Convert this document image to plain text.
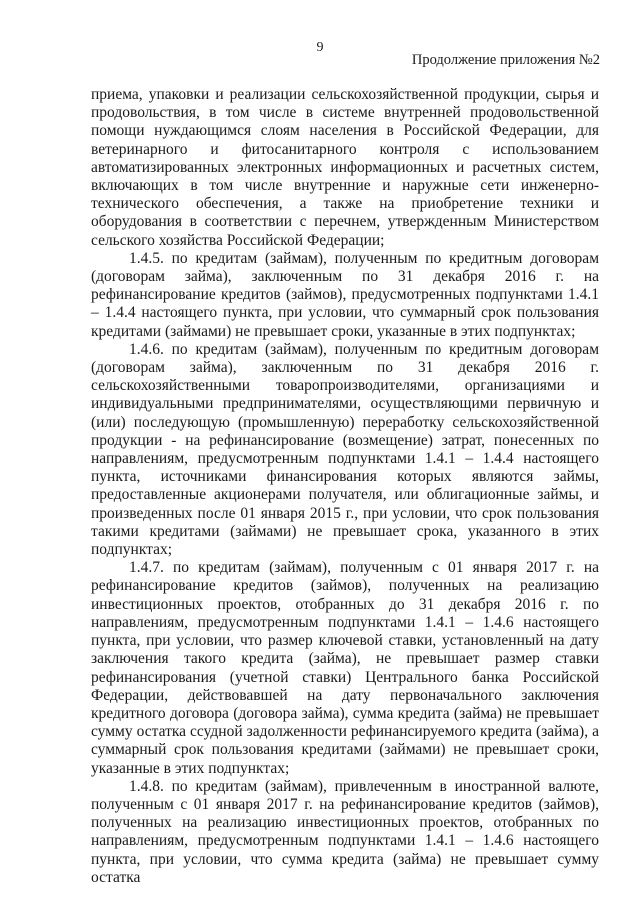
9
Продолжение приложения №2

приема, упаковки и реализации сельскохозяйственной продукции, сырья и продовольствия, в том числе в системе внутренней продовольственной помощи нуждающимся слоям населения в Российской Федерации, для ветеринарного и фитосанитарного контроля с использованием автоматизированных электронных информационных и расчетных систем, включающих в том числе внутренние и наружные сети инженерно-технического обеспечения, а также на приобретение техники и оборудования в соответствии с перечнем, утвержденным Министерством сельского хозяйства Российской Федерации;

1.4.5. по кредитам (займам), полученным по кредитным договорам (договорам займа), заключенным по 31 декабря 2016 г. на рефинансирование кредитов (займов), предусмотренных подпунктами 1.4.1 – 1.4.4 настоящего пункта, при условии, что суммарный срок пользования кредитами (займами) не превышает сроки, указанные в этих подпунктах;

1.4.6. по кредитам (займам), полученным по кредитным договорам (договорам займа), заключенным по 31 декабря 2016 г. сельскохозяйственными товаропроизводителями, организациями и индивидуальными предпринимателями, осуществляющими первичную и (или) последующую (промышленную) переработку сельскохозяйственной продукции - на рефинансирование (возмещение) затрат, понесенных по направлениям, предусмотренным подпунктами 1.4.1 – 1.4.4 настоящего пункта, источниками финансирования которых являются займы, предоставленные акционерами получателя, или облигационные займы, и произведенных после 01 января 2015 г., при условии, что срок пользования такими кредитами (займами) не превышает срока, указанного в этих подпунктах;

1.4.7. по кредитам (займам), полученным с 01 января 2017 г. на рефинансирование кредитов (займов), полученных на реализацию инвестиционных проектов, отобранных до 31 декабря 2016 г. по направлениям, предусмотренным подпунктами 1.4.1 – 1.4.6 настоящего пункта, при условии, что размер ключевой ставки, установленный на дату заключения такого кредита (займа), не превышает размер ставки рефинансирования (учетной ставки) Центрального банка Российской Федерации, действовавшей на дату первоначального заключения кредитного договора (договора займа), сумма кредита (займа) не превышает сумму остатка ссудной задолженности рефинансируемого кредита (займа), а суммарный срок пользования кредитами (займами) не превышает сроки, указанные в этих подпунктах;

1.4.8. по кредитам (займам), привлеченным в иностранной валюте, полученным с 01 января 2017 г. на рефинансирование кредитов (займов), полученных на реализацию инвестиционных проектов, отобранных по направлениям, предусмотренным подпунктами 1.4.1 – 1.4.6 настоящего пункта, при условии, что сумма кредита (займа) не превышает сумму остатка
